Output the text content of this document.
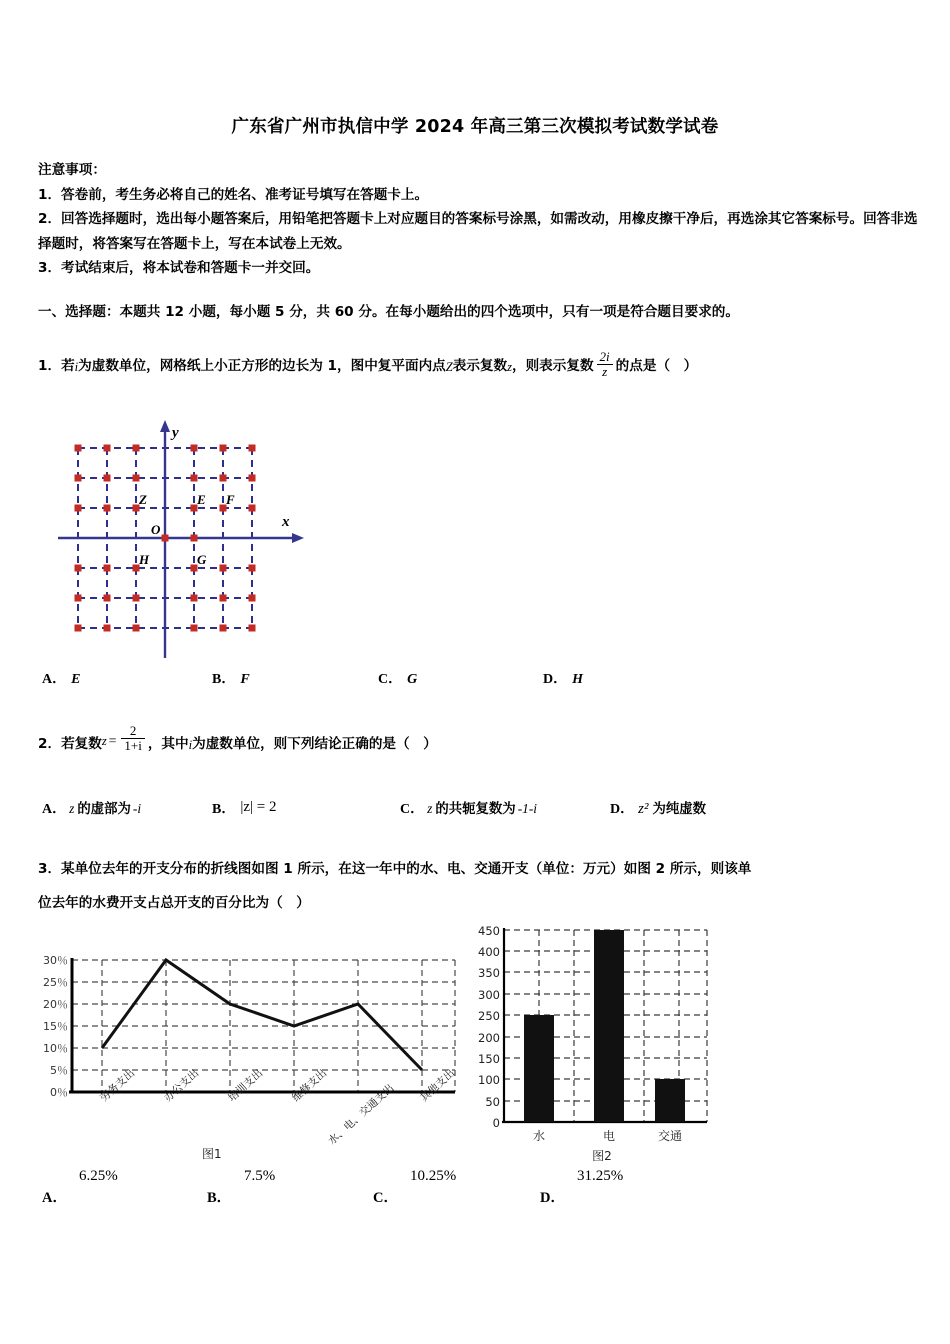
广东省广州市执信中学 2024 年高三第三次模拟考试数学试卷
注意事项：
1．答卷前，考生务必将自己的姓名、准考证号填写在答题卡上。
2．回答选择题时，选出每小题答案后，用铅笔把答题卡上对应题目的答案标号涂黑，如需改动，用橡皮擦干净后，再选涂其它答案标号。回答非选择题时，将答案写在答题卡上，写在本试卷上无效。
3．考试结束后，将本试卷和答题卡一并交回。
一、选择题：本题共 12 小题，每小题 5 分，共 60 分。在每小题给出的四个选项中，只有一项是符合题目要求的。
1．若i为虚数单位，网格纸上小正方形的边长为 1，图中复平面内点Z表示复数z，则表示复数 $\frac{2i}{z}$ 的点是（　）
Z	E F
H	G
O	x
y
A． E	B． F	C． G	D． H
2．若复数$z = \frac{2}{1+i}$ ，其中i为虚数单位，则下列结论正确的是（　）
A． z 的虚部为 -i	B． |z| = 2	C． z 的共轭复数为 -1-i	D． z² 为纯虚数
3．某单位去年的开支分布的折线图如图 1 所示，在这一年中的水、电、交通开支（单位：万元）如图 2 所示，则该单
位去年的水费开支占总开支的百分比为（　）
30％
25％
20％
15％
10％
5％
0％	劳务支出 办公支出 培训支出 维修支出
水、电、交通支出 其他支出
图1
450
400
350
300
250
200
150
100
50
0
水	电	交通
图2
A．
6.25%
B．
7.5%
C．
10.25%
D．
31.25%
